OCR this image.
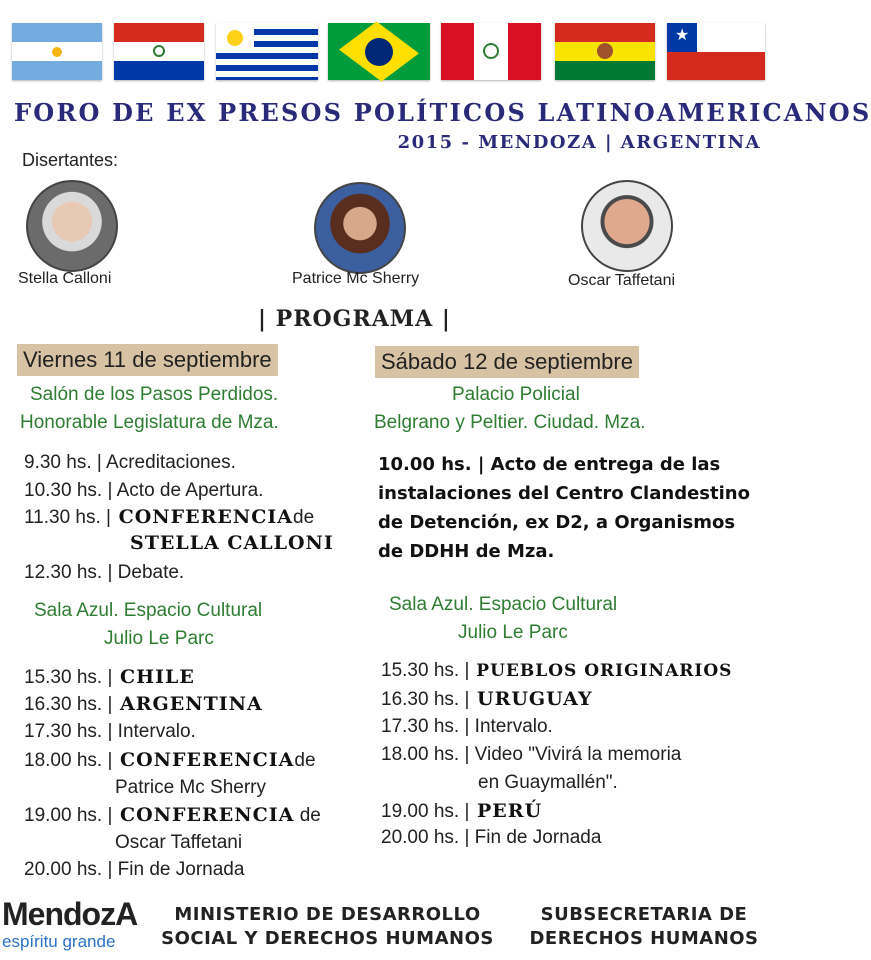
★
FORO DE EX PRESOS POLÍTICOS LATINOAMERICANOS
2015 - MENDOZA | ARGENTINA
Disertantes:
Stella Calloni	Patrice Mc Sherry	Oscar Taffetani
| PROGRAMA |
Viernes 11 de septiembre
Salón de los Pasos Perdidos.
Honorable Legislatura de Mza.
9.30 hs. | Acreditaciones.
10.30 hs. | Acto de Apertura.
11.30 hs. | CONFERENCIAde
STELLA CALLONI
12.30 hs. | Debate.
Sala Azul. Espacio Cultural
Julio Le Parc
15.30 hs. | CHILE
16.30 hs. | ARGENTINA
17.30 hs. | Intervalo.
18.00 hs. | CONFERENCIAde
Patrice Mc Sherry
19.00 hs. | CONFERENCIA de
Oscar Taffetani
20.00 hs. | Fin de Jornada
Sábado 12 de septiembre
Palacio Policial
Belgrano y Peltier. Ciudad. Mza.
10.00 hs. | Acto de entrega de las instalaciones del Centro Clandestino de Detención, ex D2, a Organismos de DDHH de Mza.
Sala Azul. Espacio Cultural
Julio Le Parc
15.30 hs. | PUEBLOS ORIGINARIOS
16.30 hs. | URUGUAY
17.30 hs. | Intervalo.
18.00 hs. | Video "Vivirá la memoria
en Guaymallén".
19.00 hs. | PERÚ
20.00 hs. | Fin de Jornada
MendozA
espíritu grande
MINISTERIO DE DESARROLLO
SOCIAL Y DERECHOS HUMANOS
SUBSECRETARIA DE
DERECHOS HUMANOS
